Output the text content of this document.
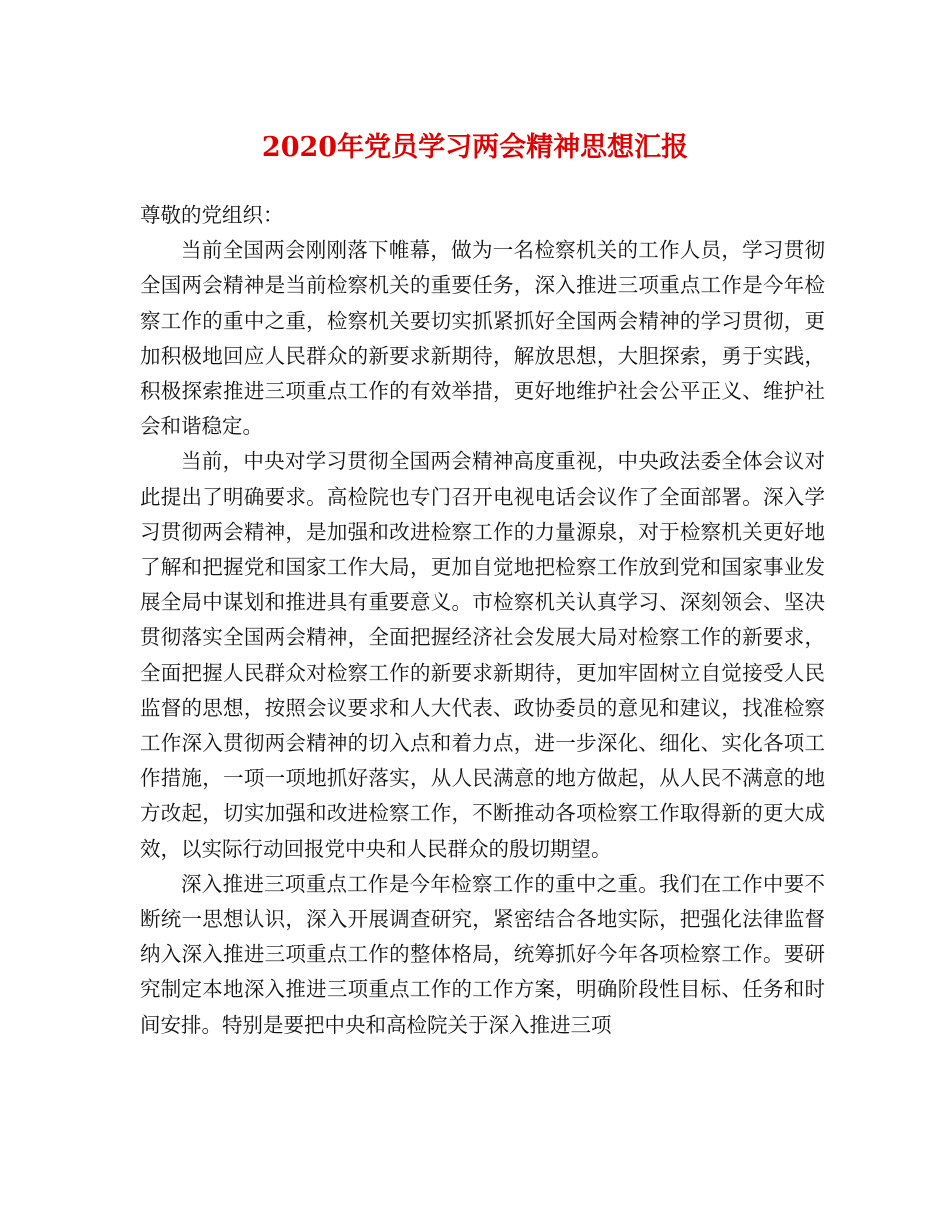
2020年党员学习两会精神思想汇报

尊敬的党组织：

当前全国两会刚刚落下帷幕，做为一名检察机关的工作人员，学习贯彻全国两会精神是当前检察机关的重要任务，深入推进三项重点工作是今年检察工作的重中之重，检察机关要切实抓紧抓好全国两会精神的学习贯彻，更加积极地回应人民群众的新要求新期待，解放思想，大胆探索，勇于实践，积极探索推进三项重点工作的有效举措，更好地维护社会公平正义、维护社会和谐稳定。

当前，中央对学习贯彻全国两会精神高度重视，中央政法委全体会议对此提出了明确要求。高检院也专门召开电视电话会议作了全面部署。深入学习贯彻两会精神，是加强和改进检察工作的力量源泉，对于检察机关更好地了解和把握党和国家工作大局，更加自觉地把检察工作放到党和国家事业发展全局中谋划和推进具有重要意义。市检察机关认真学习、深刻领会、坚决贯彻落实全国两会精神，全面把握经济社会发展大局对检察工作的新要求，全面把握人民群众对检察工作的新要求新期待，更加牢固树立自觉接受人民监督的思想，按照会议要求和人大代表、政协委员的意见和建议，找准检察工作深入贯彻两会精神的切入点和着力点，进一步深化、细化、实化各项工作措施，一项一项地抓好落实，从人民满意的地方做起，从人民不满意的地方改起，切实加强和改进检察工作，不断推动各项检察工作取得新的更大成效，以实际行动回报党中央和人民群众的殷切期望。

深入推进三项重点工作是今年检察工作的重中之重。我们在工作中要不断统一思想认识，深入开展调查研究，紧密结合各地实际，把强化法律监督纳入深入推进三项重点工作的整体格局，统筹抓好今年各项检察工作。要研究制定本地深入推进三项重点工作的工作方案，明确阶段性目标、任务和时间安排。特别是要把中央和高检院关于深入推进三项
